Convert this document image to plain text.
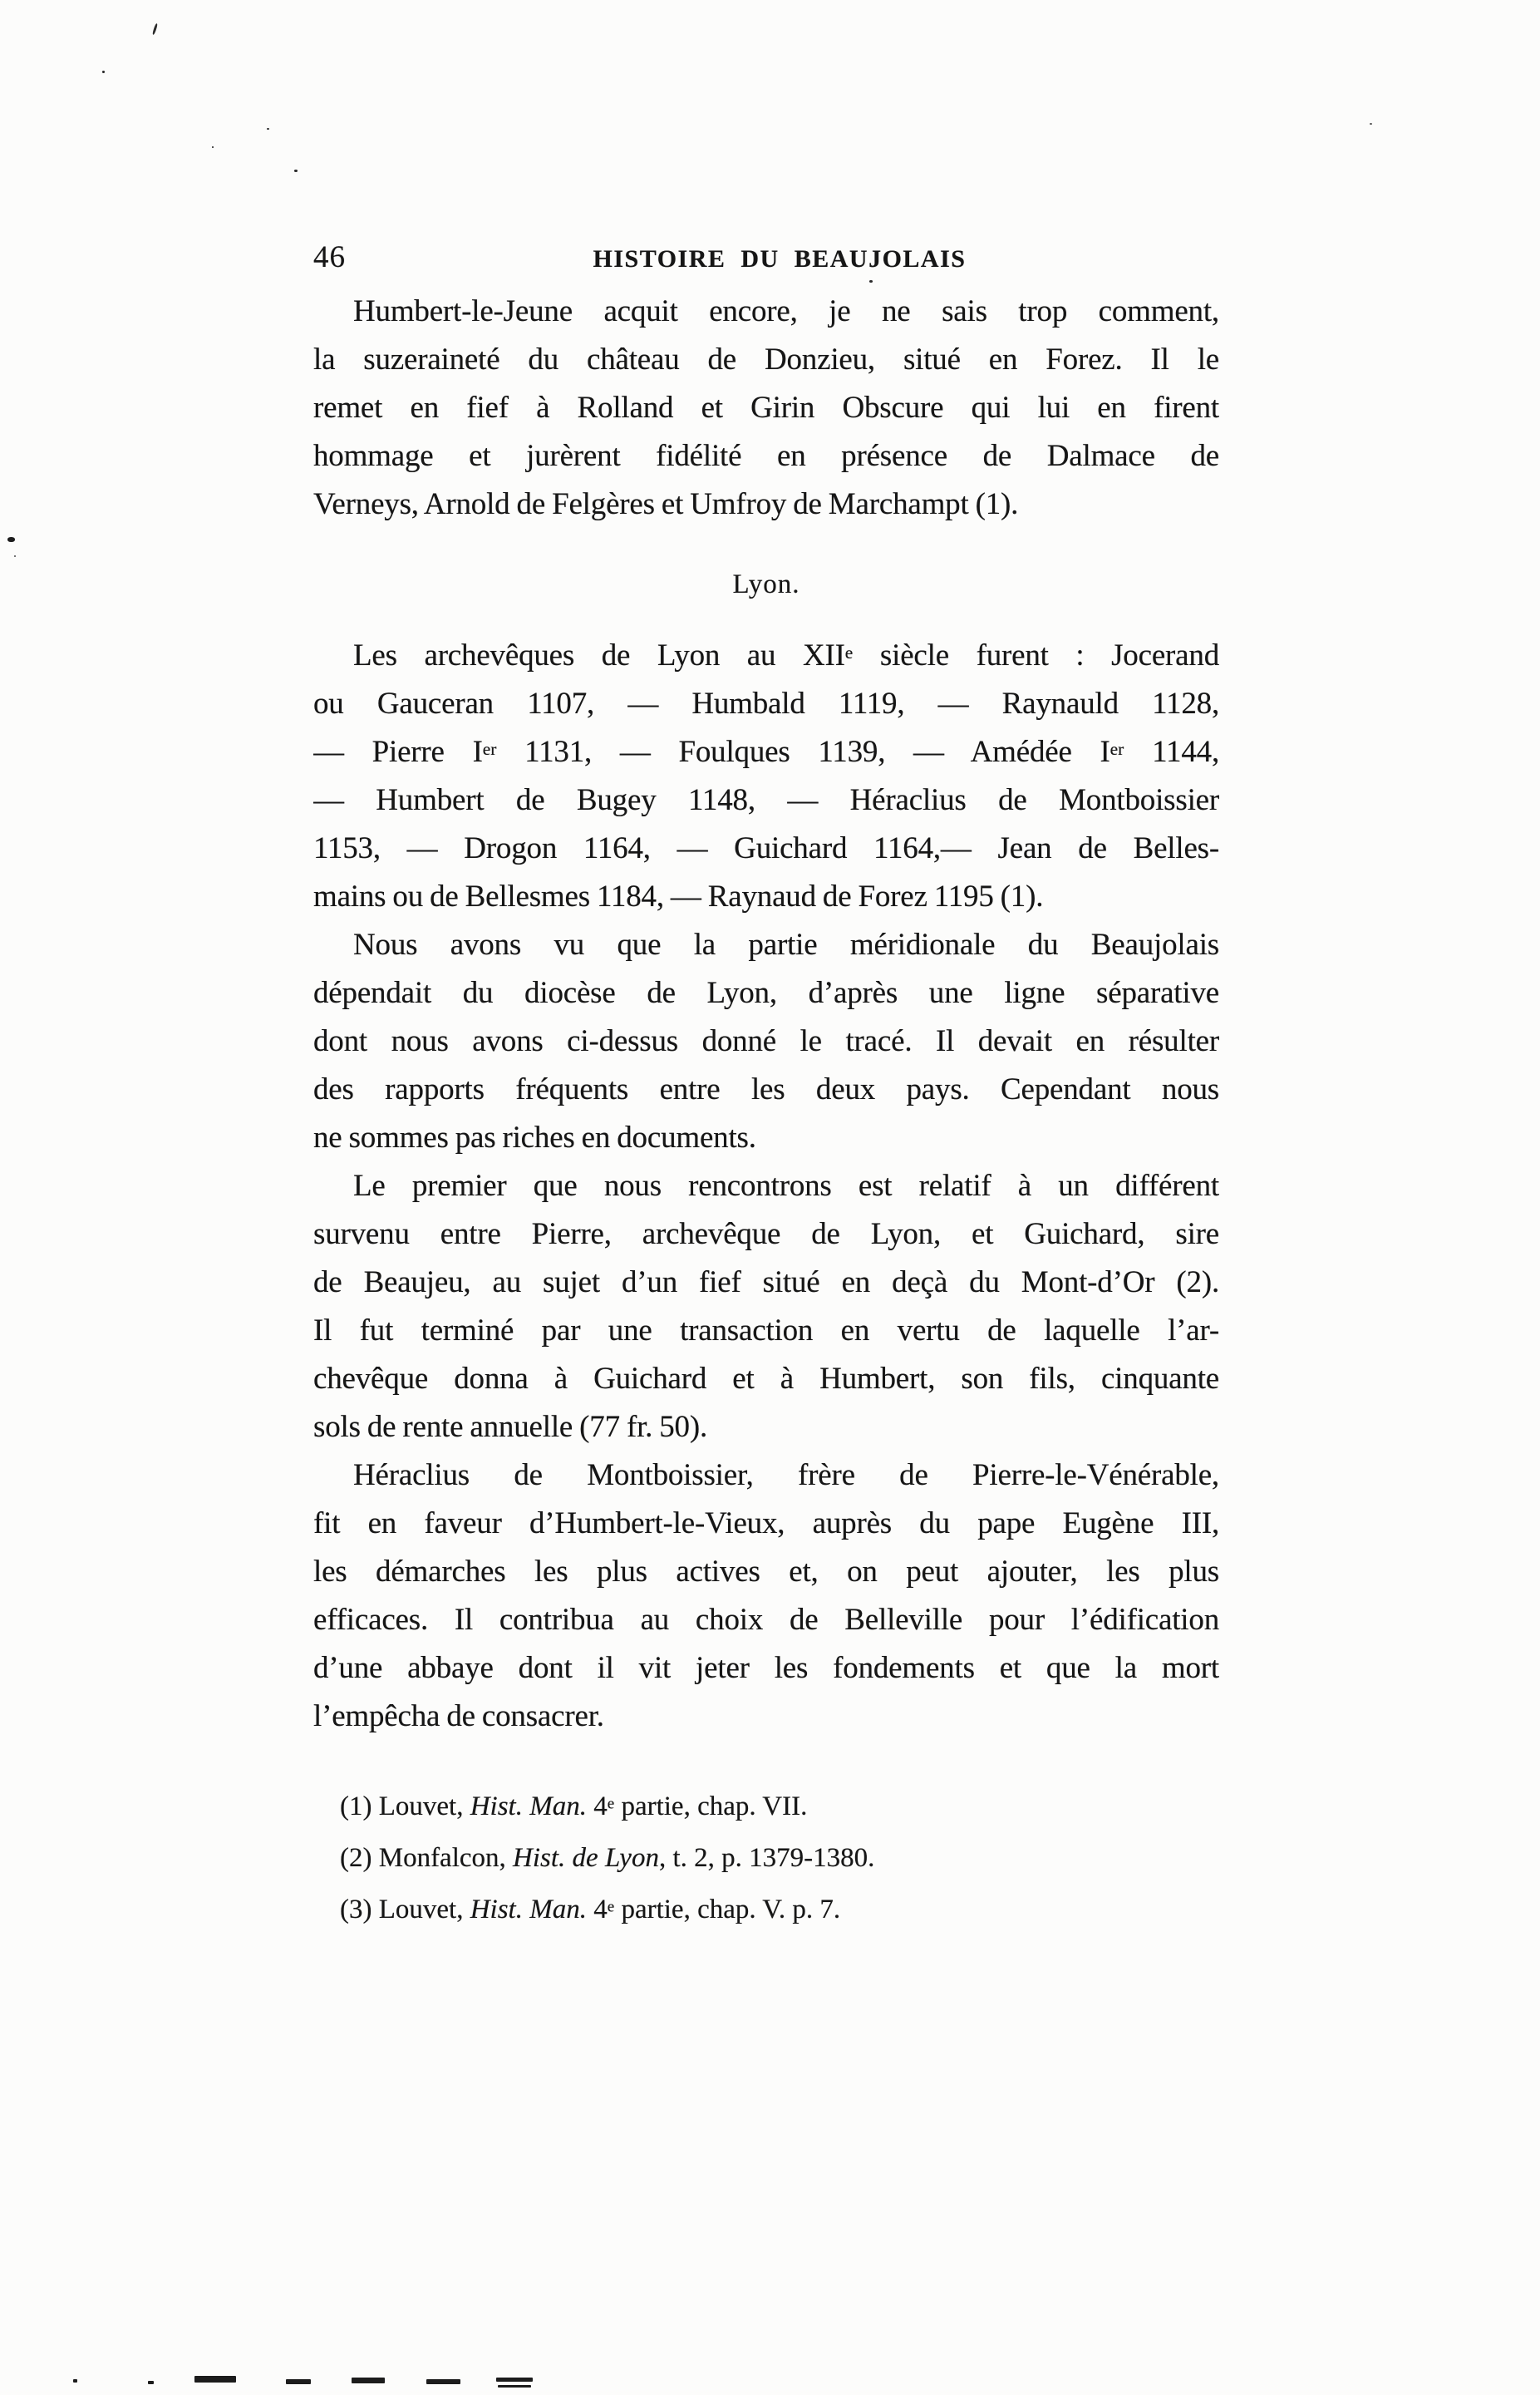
46	HISTOIRE DU BEAUJOLAIS
Humbert-le-Jeune acquit encore, je ne sais trop comment,
la suzeraineté du château de Donzieu, situé en Forez. Il le
remet en fief à Rolland et Girin Obscure qui lui en firent
hommage et jurèrent fidélité en présence de Dalmace de
Verneys, Arnold de Felgères et Umfroy de Marchampt (1).
Lyon.
Les archevêques de Lyon au XIIe siècle furent : Jocerand
ou Gauceran 1107, — Humbald 1119, — Raynauld 1128,
— Pierre Ier 1131, — Foulques 1139, — Amédée Ier 1144,
— Humbert de Bugey 1148, — Héraclius de Montboissier
1153, — Drogon 1164, — Guichard 1164,— Jean de Belles-
mains ou de Bellesmes 1184, — Raynaud de Forez 1195 (1).
Nous avons vu que la partie méridionale du Beaujolais
dépendait du diocèse de Lyon, d’après une ligne séparative
dont nous avons ci-dessus donné le tracé. Il devait en résulter
des rapports fréquents entre les deux pays. Cependant nous
ne sommes pas riches en documents.
Le premier que nous rencontrons est relatif à un différent
survenu entre Pierre, archevêque de Lyon, et Guichard, sire
de Beaujeu, au sujet d’un fief situé en deçà du Mont-d’Or (2).
Il fut terminé par une transaction en vertu de laquelle l’ar-
chevêque donna à Guichard et à Humbert, son fils, cinquante
sols de rente annuelle (77 fr. 50).
Héraclius de Montboissier, frère de Pierre-le-Vénérable,
fit en faveur d’Humbert-le-Vieux, auprès du pape Eugène III,
les démarches les plus actives et, on peut ajouter, les plus
efficaces. Il contribua au choix de Belleville pour l’édification
d’une abbaye dont il vit jeter les fondements et que la mort
l’empêcha de consacrer.
(1) Louvet, Hist. Man. 4e partie, chap. VII.
(2) Monfalcon, Hist. de Lyon, t. 2, p. 1379-1380.
(3) Louvet, Hist. Man. 4e partie, chap. V. p. 7.
